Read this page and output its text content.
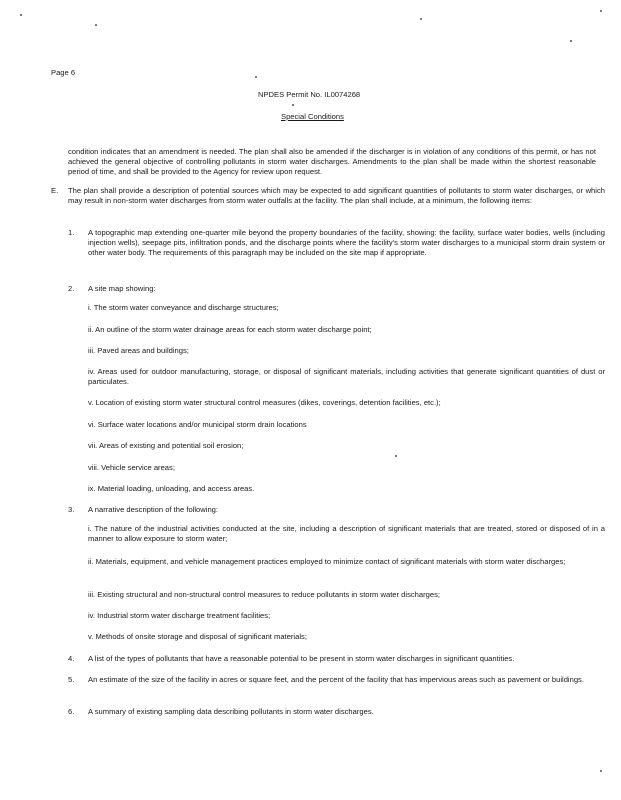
Page 6
NPDES Permit No. IL0074268
Special Conditions
condition indicates that an amendment is needed. The plan shall also be amended if the discharger is in violation of any conditions of this permit, or has not achieved the general objective of controlling pollutants in storm water discharges. Amendments to the plan shall be made within the shortest reasonable period of time, and shall be provided to the Agency for review upon request.
E. The plan shall provide a description of potential sources which may be expected to add significant quantities of pollutants to storm water discharges, or which may result in non-storm water discharges from storm water outfalls at the facility. The plan shall include, at a minimum, the following items:
1. A topographic map extending one-quarter mile beyond the property boundaries of the facility, showing: the facility, surface water bodies, wells (including injection wells), seepage pits, infiltration ponds, and the discharge points where the facility's storm water discharges to a municipal storm drain system or other water body. The requirements of this paragraph may be included on the site map if appropriate.
2. A site map showing:
i. The storm water conveyance and discharge structures;
ii. An outline of the storm water drainage areas for each storm water discharge point;
iii. Paved areas and buildings;
iv. Areas used for outdoor manufacturing, storage, or disposal of significant materials, including activities that generate significant quantities of dust or particulates.
v. Location of existing storm water structural control measures (dikes, coverings, detention facilities, etc.);
vi. Surface water locations and/or municipal storm drain locations
vii. Areas of existing and potential soil erosion;
viii. Vehicle service areas;
ix. Material loading, unloading, and access areas.
3. A narrative description of the following:
i. The nature of the industrial activities conducted at the site, including a description of significant materials that are treated, stored or disposed of in a manner to allow exposure to storm water;
ii. Materials, equipment, and vehicle management practices employed to minimize contact of significant materials with storm water discharges;
iii. Existing structural and non-structural control measures to reduce pollutants in storm water discharges;
iv. Industrial storm water discharge treatment facilities;
v. Methods of onsite storage and disposal of significant materials;
4. A list of the types of pollutants that have a reasonable potential to be present in storm water discharges in significant quantities.
5. An estimate of the size of the facility in acres or square feet, and the percent of the facility that has impervious areas such as pavement or buildings.
6. A summary of existing sampling data describing pollutants in storm water discharges.
